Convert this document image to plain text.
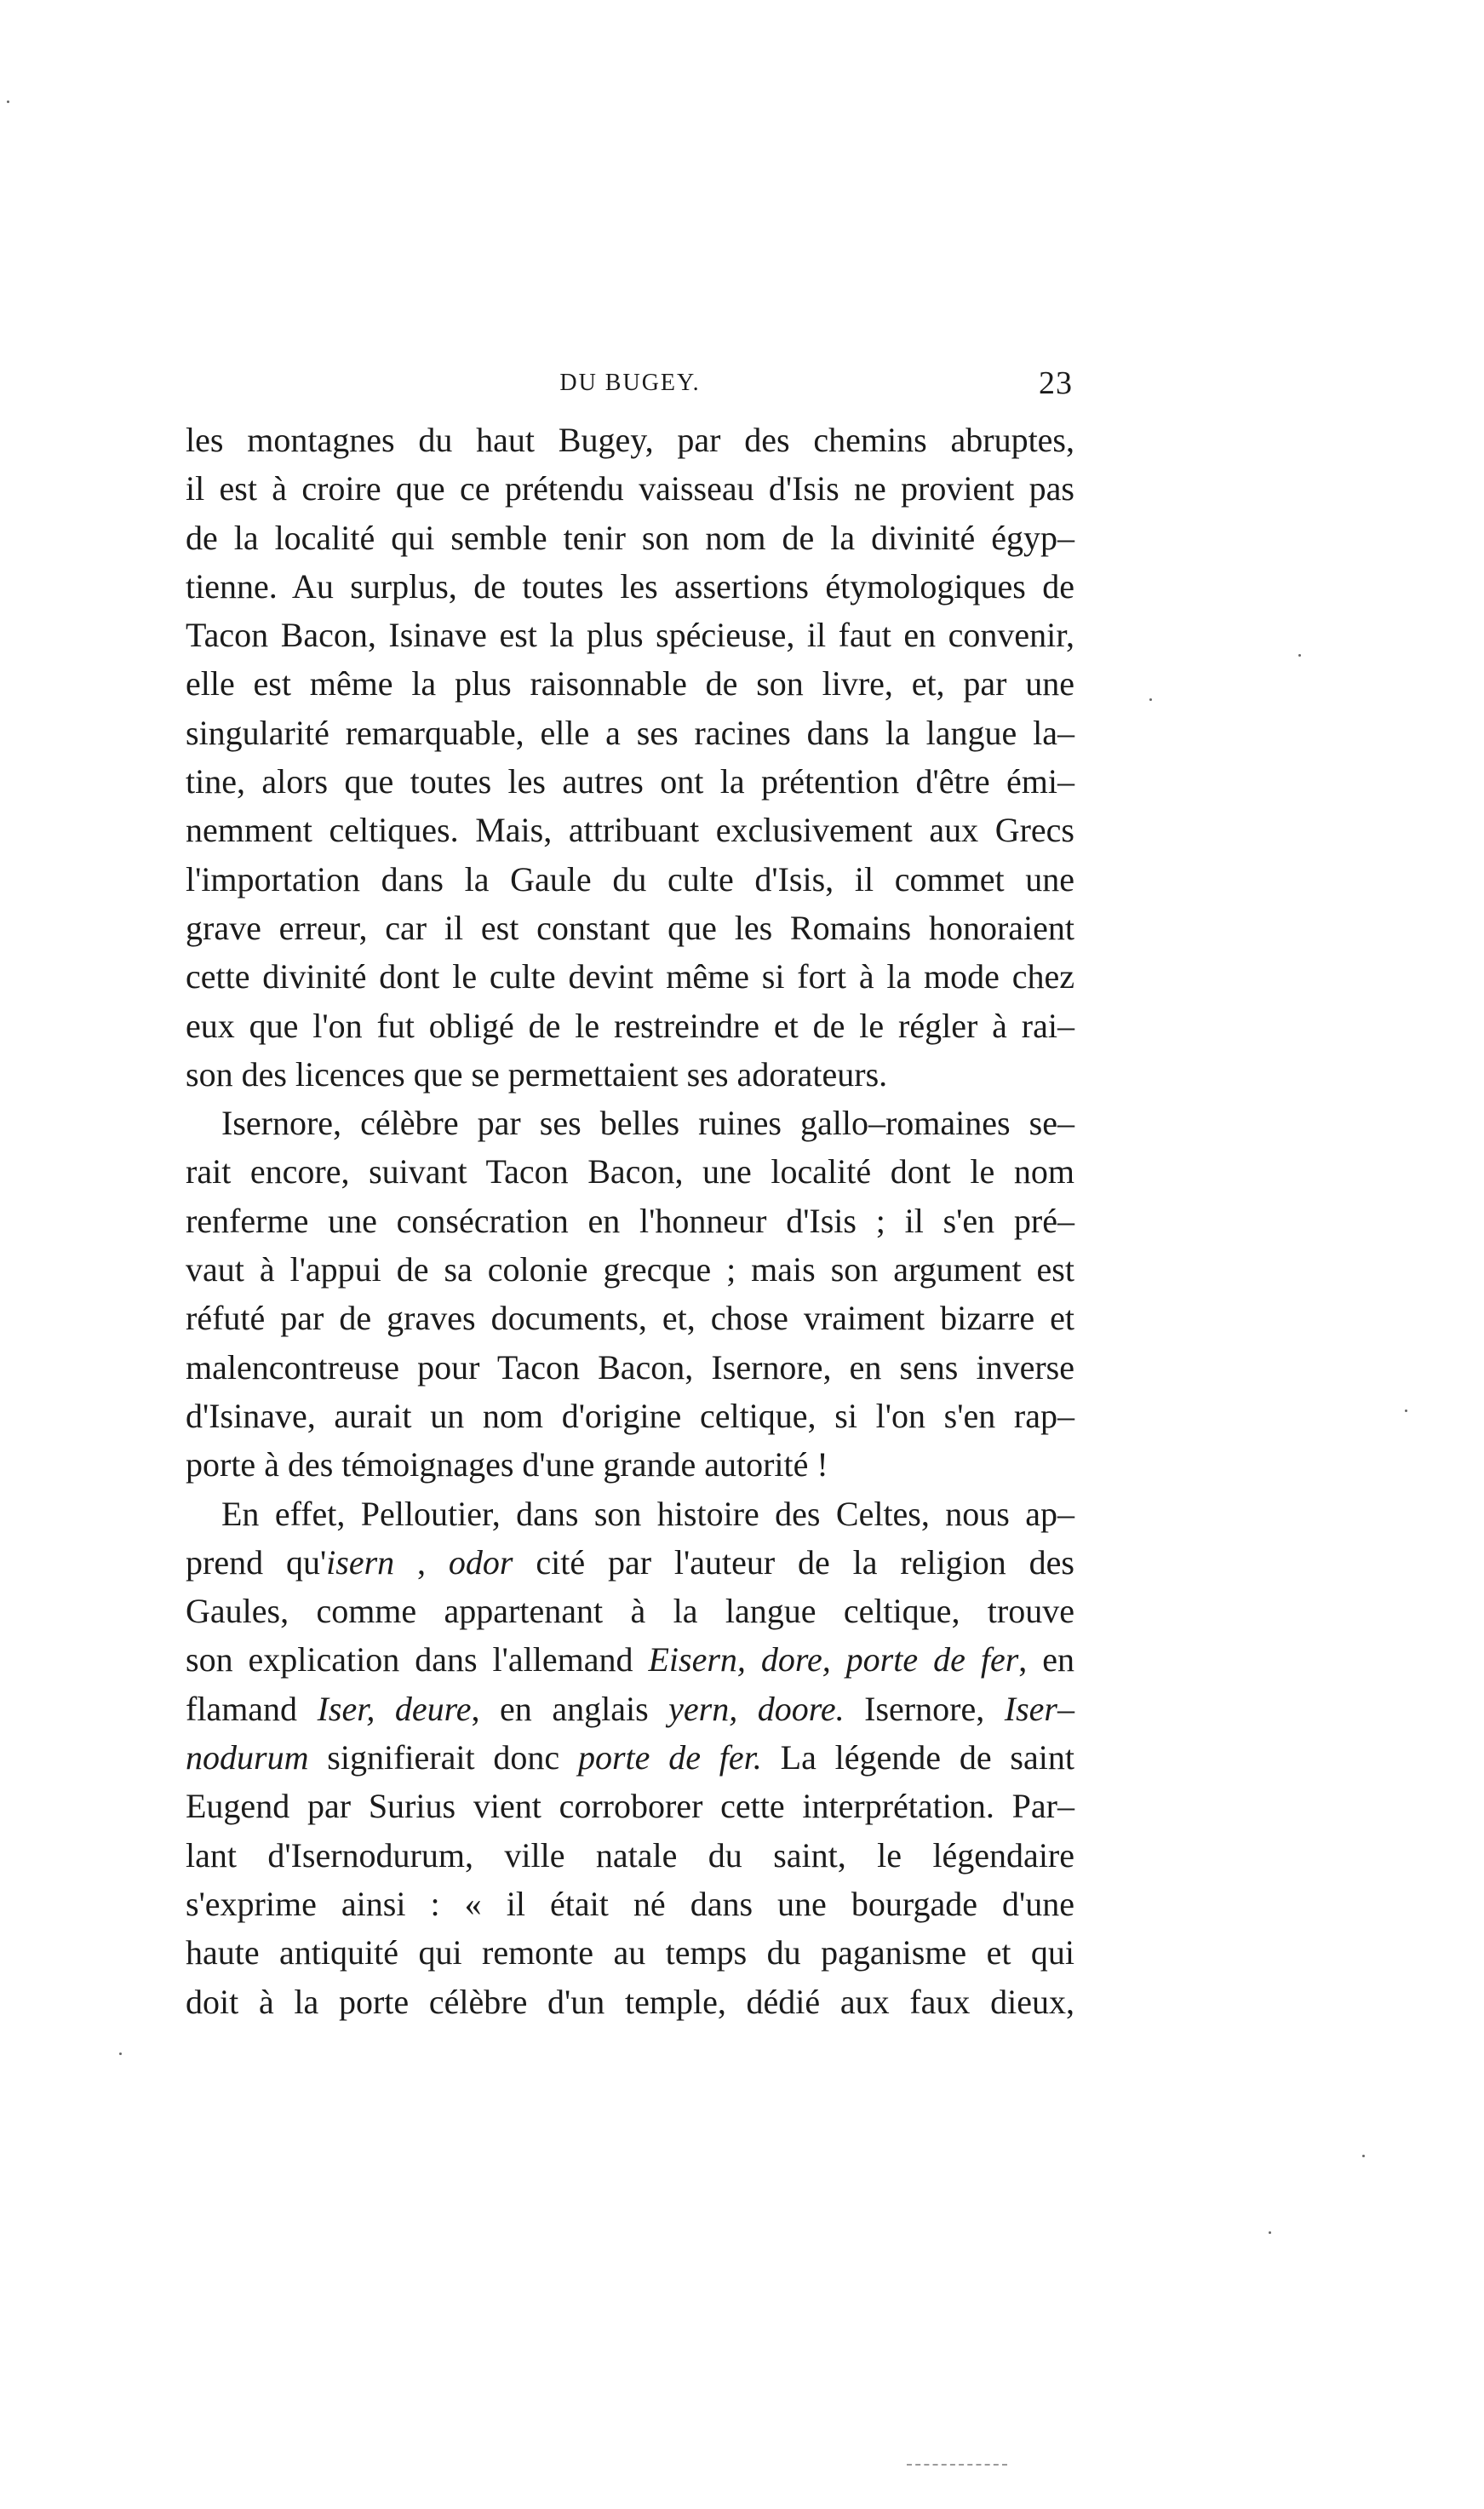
DU BUGEY.	23
les montagnes du haut Bugey, par des chemins abruptes,
il est à croire que ce prétendu vaisseau d'Isis ne provient pas
de la localité qui semble tenir son nom de la divinité égyp–
tienne. Au surplus, de toutes les assertions étymologiques de
Tacon Bacon, Isinave est la plus spécieuse, il faut en convenir,
elle est même la plus raisonnable de son livre, et, par une
singularité remarquable, elle a ses racines dans la langue la–
tine, alors que toutes les autres ont la prétention d'être émi–
nemment celtiques. Mais, attribuant exclusivement aux Grecs
l'importation dans la Gaule du culte d'Isis, il commet une
grave erreur, car il est constant que les Romains honoraient
cette divinité dont le culte devint même si fort à la mode chez
eux que l'on fut obligé de le restreindre et de le régler à rai–
son des licences que se permettaient ses adorateurs.
Isernore, célèbre par ses belles ruines gallo–romaines se–
rait encore, suivant Tacon Bacon, une localité dont le nom
renferme une consécration en l'honneur d'Isis ; il s'en pré–
vaut à l'appui de sa colonie grecque ; mais son argument est
réfuté par de graves documents, et, chose vraiment bizarre et
malencontreuse pour Tacon Bacon, Isernore, en sens inverse
d'Isinave, aurait un nom d'origine celtique, si l'on s'en rap–
porte à des témoignages d'une grande autorité !
En effet, Pelloutier, dans son histoire des Celtes, nous ap–
prend qu'isern , odor cité par l'auteur de la religion des
Gaules, comme appartenant à la langue celtique, trouve
son explication dans l'allemand Eisern, dore, porte de fer, en
flamand Iser, deure, en anglais yern, doore. Isernore, Iser–
nodurum signifierait donc porte de fer. La légende de saint
Eugend par Surius vient corroborer cette interprétation. Par–
lant d'Isernodurum, ville natale du saint, le légendaire
s'exprime ainsi : « il était né dans une bourgade d'une
haute antiquité qui remonte au temps du paganisme et qui
doit à la porte célèbre d'un temple, dédié aux faux dieux,
